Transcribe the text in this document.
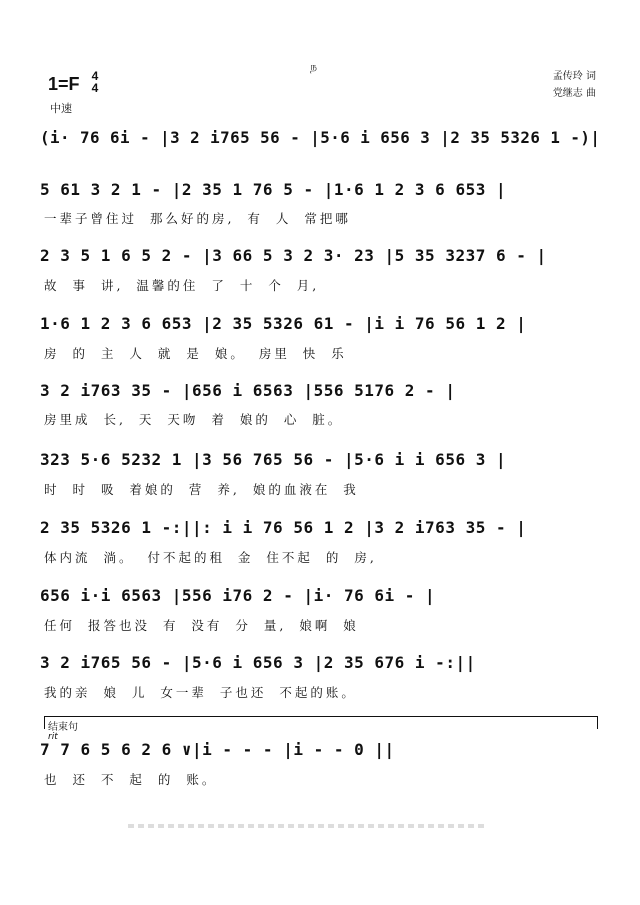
ந
1=F	4
4
中速
孟传玲 词
党继志 曲
(i· 76 6i - |3 2 i765 56 - |5·6 i 656 3 |2 35 5326 1 -)|
5 61 3 2 1 - |2 35 1 76 5 - |1·6 1 2 3 6 653 |
一辈子曾住过 那么好的房, 有 人 常把哪
2 3 5 1 6 5 2 - |3 66 5 3 2 3· 23 |5 35 3237 6 - |
故 事 讲, 温馨的住 了 十 个 月,
1·6 1 2 3 6 653 |2 35 5326 61 - |i i 76 56 1 2 |
房 的 主 人 就 是 娘。 房里 快 乐
3 2 i763 35 - |656 i 6563 |556 5176 2 - |
房里成 长, 天 天吻 着 娘的 心 脏。
323 5·6 5232 1 |3 56 765 56 - |5·6 i i 656 3 |
时 时 吸 着娘的 营 养, 娘的血液在 我
2 35 5326 1 -:||: i i 76 56 1 2 |3 2 i763 35 - |
体内流 淌。 付不起的租 金 住不起 的 房,
656 i·i 6563 |556 i76 2 - |i· 76 6i - |
任何 报答也没 有 没有 分 量, 娘啊 娘
3 2 i765 56 - |5·6 i 656 3 |2 35 676 i -:||
我的亲 娘 儿 女一辈 子也还 不起的账。
结束句
rit
7 7 6 5 6 2 6 ∨|i - - - |i - - 0 ||
也 还 不 起 的 账。
